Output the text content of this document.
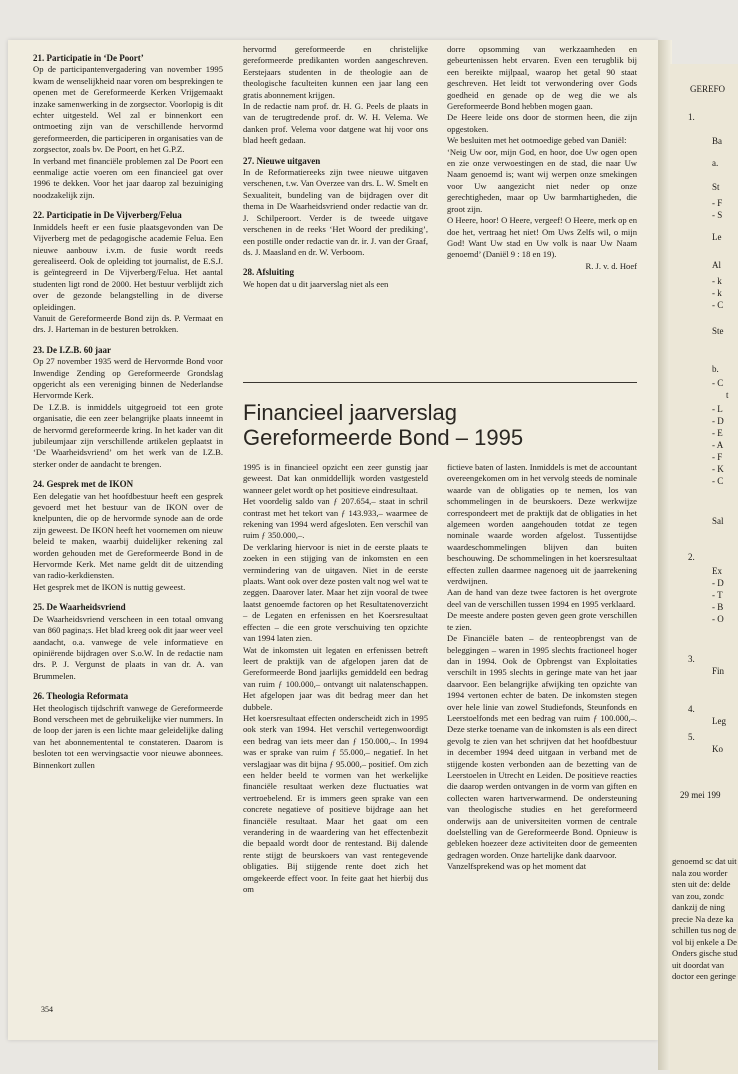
21. Participatie in ‘De Poort’

Op de participantenvergadering van november 1995 kwam de wenselijkheid naar voren om besprekingen te openen met de Gereformeerde Kerken Vrijgemaakt inzake samenwerking in de zorgsector. Voorlopig is dit echter uitgesteld. Wel zal er binnenkort een ontmoeting zijn van de verschillende hervormd gereformeerden, die participeren in organisaties van de zorgsector, zoals bv. De Poort, en het G.P.Z.

In verband met financiële problemen zal De Poort een eenmalige actie voeren om een financieel gat over 1996 te dekken. Voor het jaar daarop zal bezuiniging noodzakelijk zijn.

22. Participatie in De Vijverberg/Felua

Inmiddels heeft er een fusie plaatsgevonden van De Vijverberg met de pedagogische academie Felua. Een nieuwe aanbouw i.v.m. de fusie wordt reeds gerealiseerd. Ook de opleiding tot journalist, de E.S.J. is geïntegreerd in De Vijverberg/Felua. Het aantal studenten ligt rond de 2000. Het bestuur verblijdt zich over de gezonde belangstelling in de diverse opleidingen.

Vanuit de Gereformeerde Bond zijn ds. P. Vermaat en drs. J. Harteman in de besturen betrokken.

23. De I.Z.B. 60 jaar

Op 27 november 1935 werd de Hervormde Bond voor Inwendige Zending op Gereformeerde Grondslag opgericht als een vereniging binnen de Nederlandse Hervormde Kerk.

De I.Z.B. is inmiddels uitgegroeid tot een grote organisatie, die een zeer belangrijke plaats inneemt in de hervormd gereformeerde kring. In het kader van dit jubileumjaar zijn verschillende artikelen geplaatst in ‘De Waarheidsvriend’ om het werk van de I.Z.B. sterker onder de aandacht te brengen.

24. Gesprek met de IKON

Een delegatie van het hoofdbestuur heeft een gesprek gevoerd met het bestuur van de IKON over de knelpunten, die op de hervormde synode aan de orde zijn geweest. De IKON heeft het voornemen om nieuw beleid te maken, waarbij duidelijker rekening zal worden gehouden met de Gereformeerde Bond in de Hervormde Kerk. Met name geldt dit de uitzending van radio-kerkdiensten.

Het gesprek met de IKON is nuttig geweest.

25. De Waarheidsvriend

De Waarheidsvriend verscheen in een totaal omvang van 860 pagina;s. Het blad kreeg ook dit jaar weer veel aandacht, o.a. vanwege de vele informatieve en opiniërende bijdragen over S.o.W. In de redactie nam drs. P. J. Vergunst de plaats in van dr. A. van Brummelen.

26. Theologia Reformata

Het theologisch tijdschrift vanwege de Gereformeerde Bond verscheen met de gebruikelijke vier nummers. In de loop der jaren is een lichte maar geleidelijke daling van het abonnementental te constateren. Daarom is besloten tot een wervingsactie voor nieuwe abonnees. Binnenkort zullen

hervormd gereformeerde en christelijke gereformeerde predikanten worden aangeschreven. Eerstejaars studenten in de theologie aan de theologische faculteiten kunnen een jaar lang een gratis abonnement krijgen.

In de redactie nam prof. dr. H. G. Peels de plaats in van de terugtredende prof. dr. W. H. Velema. We danken prof. Velema voor datgene wat hij voor ons blad heeft gedaan.

27. Nieuwe uitgaven

In de Reformatiereeks zijn twee nieuwe uitgaven verschenen, t.w. Van Overzee van drs. L. W. Smelt en Sexualiteit, bundeling van de bijdragen over dit thema in De Waarheidsvriend onder redactie van dr. J. Schilperoort. Verder is de tweede uitgave verschenen in de reeks ‘Het Woord der prediking’, een postille onder redactie van dr. ir. J. van der Graaf, ds. J. Maasland en dr. W. Verboom.

28. Afsluiting

We hopen dat u dit jaarverslag niet als een

dorre opsomming van werkzaamheden en gebeurtenissen hebt ervaren. Even een terugblik bij een bereikte mijlpaal, waarop het getal 90 staat geschreven. Het leidt tot verwondering over Gods goedheid en genade op de weg die we als Gereformeerde Bond hebben mogen gaan.

De Heere leide ons door de stormen heen, die zijn opgestoken.

We besluiten met het ootmoedige gebed van Daniël:

‘Neig Uw oor, mijn God, en hoor, doe Uw ogen open en zie onze verwoestingen en de stad, die naar Uw Naam genoemd is; want wij werpen onze smekingen voor Uw aangezicht niet neder op onze gerechtigheden, maar op Uw barmhartigheden, die groot zijn.

O Heere, hoor! O Heere, vergeef! O Heere, merk op en doe het, vertraag het niet! Om Uws Zelfs wil, o mijn God! Want Uw stad en Uw volk is naar Uw Naam genoemd’ (Daniël 9 : 18 en 19).

R. J. v. d. Hoef

Financieel jaarverslag
Gereformeerde Bond – 1995

1995 is in financieel opzicht een zeer gunstig jaar geweest. Dat kan onmiddellijk worden vastgesteld wanneer gelet wordt op het positieve eindresultaat.

Het voordelig saldo van ƒ 207.654,– staat in schril contrast met het tekort van ƒ 143.933,– waarmee de rekening van 1994 werd afgesloten. Een verschil van ruim ƒ 350.000,–.

De verklaring hiervoor is niet in de eerste plaats te zoeken in een stijging van de inkomsten en een vermindering van de uitgaven. Niet in de eerste plaats. Want ook over deze posten valt nog wel wat te zeggen. Daarover later. Maar het zijn vooral de twee laatst genoemde factoren op het Resultatenoverzicht – de Legaten en erfenissen en het Koersresultaat effecten – die een grote verschuiving ten opzichte van 1994 laten zien.

Wat de inkomsten uit legaten en erfenissen betreft leert de praktijk van de afgelopen jaren dat de Gereformeerde Bond jaarlijks gemiddeld een bedrag van ruim ƒ 100.000,– ontvangt uit nalatenschappen. Het afgelopen jaar was dit bedrag meer dan het dubbele.

Het koersresultaat effecten onderscheidt zich in 1995 ook sterk van 1994. Het verschil vertegenwoordigt een bedrag van iets meer dan ƒ 150.000,–. In 1994 was er sprake van ruim ƒ 55.000,– negatief. In het verslagjaar was dit bijna ƒ 95.000,– positief. Om zich een helder beeld te vormen van het werkelijke financiële resultaat werken deze fluctuaties wat vertroebelend. Er is immers geen sprake van een concrete negatieve of positieve bijdrage aan het financiële resultaat. Maar het gaat om een verandering in de waardering van het effectenbezit die bepaald wordt door de rentestand. Bij dalende rente stijgt de beurskoers van vast rentegevende obligaties. Bij stijgende rente doet zich het omgekeerde effect voor. In feite gaat het hierbij dus om

fictieve baten of lasten. Inmiddels is met de accountant overeengekomen om in het vervolg steeds de nominale waarde van de obligaties op te nemen, los van schommelingen in de beurskoers. Deze werkwijze correspondeert met de praktijk dat de obligaties in het algemeen worden aangehouden totdat ze tegen nominale waarde worden afgelost. Tussentijdse waardeschommelingen blijven dan buiten beschouwing. De schommelingen in het koersresultaat effecten zullen daarmee nagenoeg uit de jaarrekening verdwijnen.

Aan de hand van deze twee factoren is het overgrote deel van de verschillen tussen 1994 en 1995 verklaard.

De meeste andere posten geven geen grote verschillen te zien.

De Financiële baten – de renteopbrengst van de beleggingen – waren in 1995 slechts fractioneel hoger dan in 1994. Ook de Opbrengst van Exploitaties verschilt in 1995 slechts in geringe mate van het jaar daarvoor. Een belangrijke afwijking ten opzichte van 1994 vertonen echter de baten. De inkomsten stegen over hele linie van zowel Studiefonds, Steunfonds en Leerstoelfonds met een bedrag van ruim ƒ 100.000,–. Deze sterke toename van de inkomsten is als een direct gevolg te zien van het schrijven dat het hoofdbestuur in december 1994 deed uitgaan in verband met de stijgende kosten verbonden aan de bezetting van de Leerstoelen in Utrecht en Leiden. De positieve reacties die daarop werden ontvangen in de vorm van giften en collecten waren hartverwarmend. De ondersteuning van theologische studies en het gereformeerd onderwijs aan de universiteiten vormen de centrale doelstelling van de Gereformeerde Bond. Opnieuw is gebleken hoezeer deze activiteiten door de gemeenten gedragen worden. Onze hartelijke dank daarvoor.

Vanzelfsprekend was op het moment dat

354
GEREFO
1.
Ba
a.
St
- F
- S
Le
Al
- k
- k
- C
Ste
b.
- C
t
- L
- D
- E
- A
- F
- K
- C
Sal
2.
Ex
- D
- T
- B
- O
3.
Fin
4.
Leg
5.
Ko
29 mei 199
genoemd sc dat uit nala zou worder sten uit de: delde van zou, zondc dankzij de ning precie Na deze ka schillen tus nog de vol bij enkele a De Onders gische stud uit doordat van doctor een geringe
